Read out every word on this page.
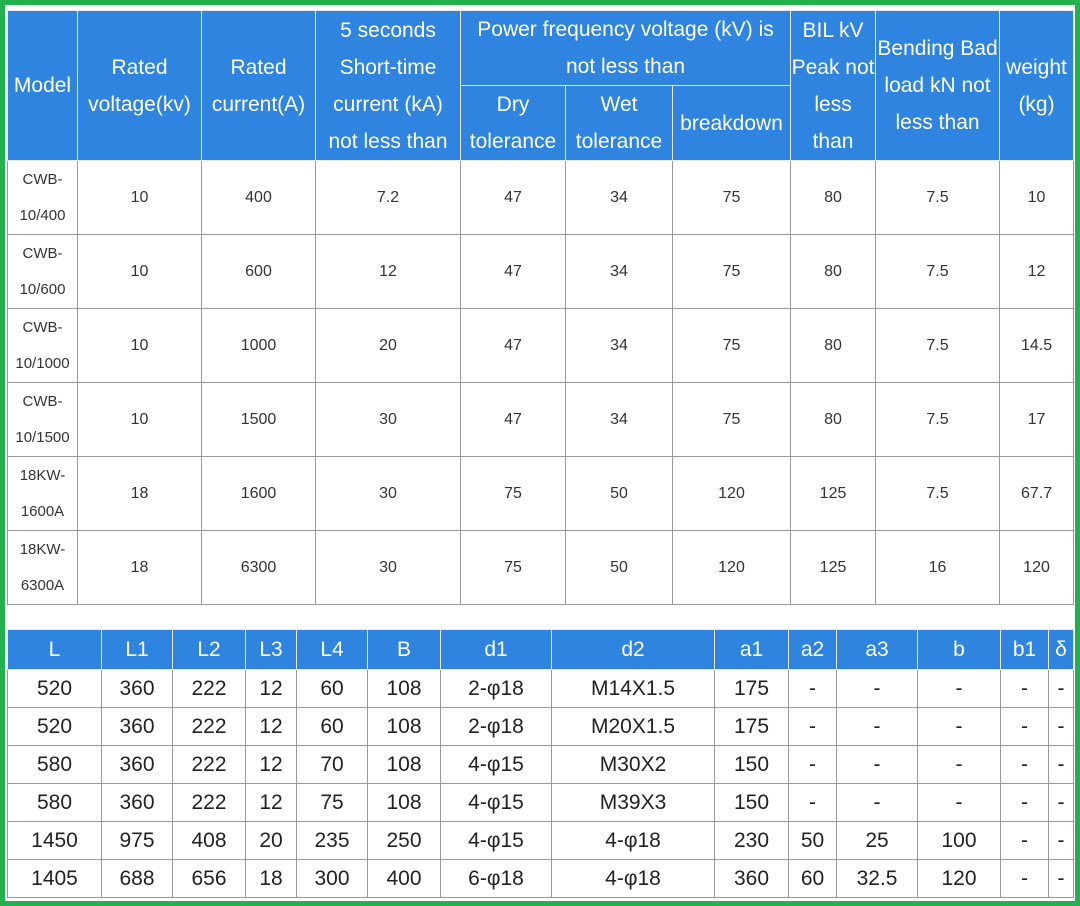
Model	Rated voltage(kv)	Rated current(A)	5 seconds Short-time current (kA) not less than	Power frequency voltage (kV) is not less than			BIL kV Peak not less than	Bending Bad load kN not less than	weight (kg)
				Dry tolerance	Wet tolerance	breakdown			
CWB-10/400	10	400	7.2	47	34	75	80	7.5	10
CWB-10/600	10	600	12	47	34	75	80	7.5	12
CWB-10/1000	10	1000	20	47	34	75	80	7.5	14.5
CWB-10/1500	10	1500	30	47	34	75	80	7.5	17
18KW-1600A	18	1600	30	75	50	120	125	7.5	67.7
18KW-6300A	18	6300	30	75	50	120	125	16	120
L	L1	L2	L3	L4	B	d1	d2	a1	a2	a3	b	b1	δ
520	360	222	12	60	108	2-φ18	M14X1.5	175	-	-	-	-	-
520	360	222	12	60	108	2-φ18	M20X1.5	175	-	-	-	-	-
580	360	222	12	70	108	4-φ15	M30X2	150	-	-	-	-	-
580	360	222	12	75	108	4-φ15	M39X3	150	-	-	-	-	-
1450	975	408	20	235	250	4-φ15	4-φ18	230	50	25	100	-	-
1405	688	656	18	300	400	6-φ18	4-φ18	360	60	32.5	120	-	-
